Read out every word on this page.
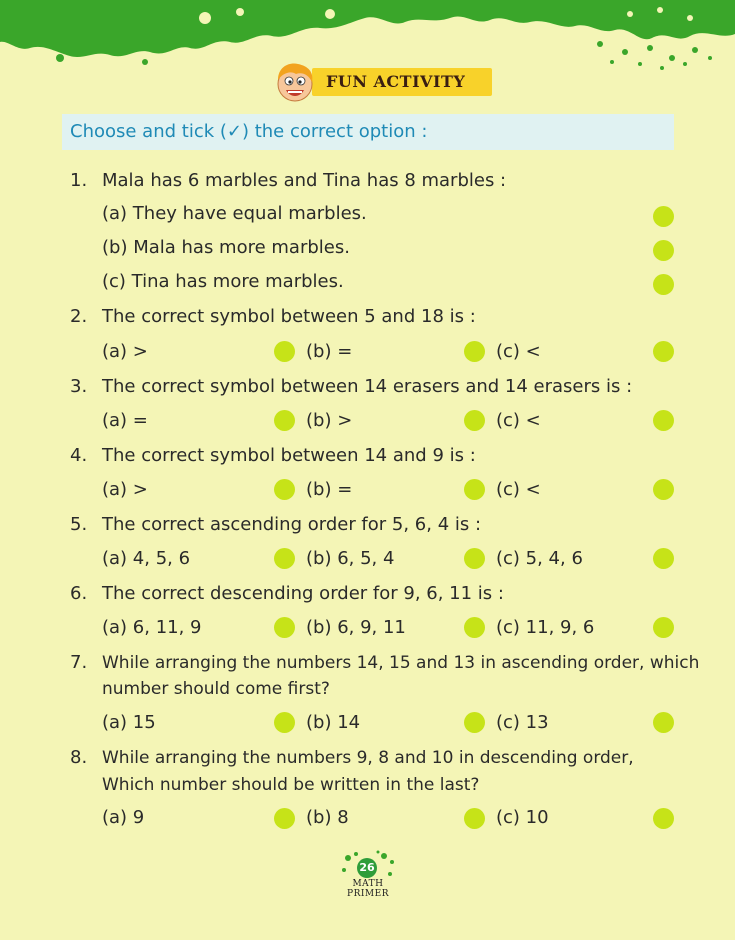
FUN ACTIVITY
Choose and tick (✓) the correct option :
1. Mala has 6 marbles and Tina has 8 marbles :
(a) They have equal marbles.
(b) Mala has more marbles.
(c) Tina has more marbles.
2. The correct symbol between 5 and 18 is :
(a) >	(b) =	(c) <
3. The correct symbol between 14 erasers and 14 erasers is :
(a) =	(b) >	(c) <
4. The correct symbol between 14 and 9 is :
(a) >	(b) =	(c) <
5. The correct ascending order for 5, 6, 4 is :
(a) 4, 5, 6	(b) 6, 5, 4	(c) 5, 4, 6
6. The correct descending order for 9, 6, 11 is :
(a) 6, 11, 9	(b) 6, 9, 11	(c) 11, 9, 6
7. While arranging the numbers 14, 15 and 13 in ascending order, which
number should come first?
(a) 15	(b) 14	(c) 13
8. While arranging the numbers 9, 8 and 10 in descending order,
Which number should be written in the last?
(a) 9	(b) 8	(c) 10
26
MATH PRIMER
